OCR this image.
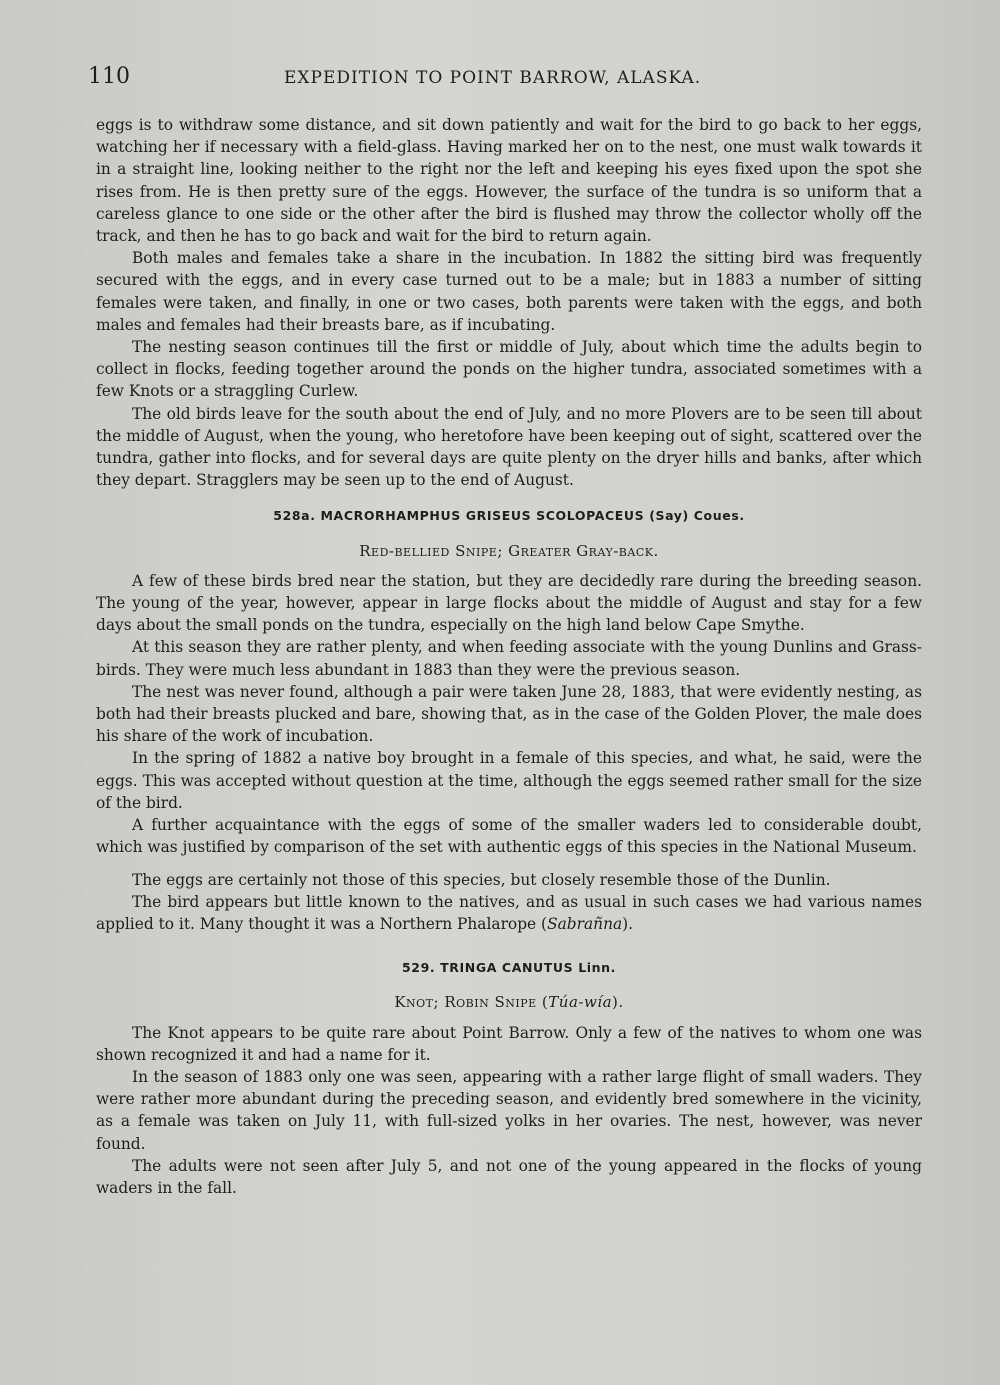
110	EXPEDITION TO POINT BARROW, ALASKA.

eggs is to withdraw some distance, and sit down patiently and wait for the bird to go back to her eggs, watching her if necessary with a field-glass. Having marked her on to the nest, one must walk towards it in a straight line, looking neither to the right nor the left and keeping his eyes fixed upon the spot she rises from. He is then pretty sure of the eggs. However, the surface of the tundra is so uniform that a careless glance to one side or the other after the bird is flushed may throw the collector wholly off the track, and then he has to go back and wait for the bird to return again.

Both males and females take a share in the incubation. In 1882 the sitting bird was frequently secured with the eggs, and in every case turned out to be a male; but in 1883 a number of sitting females were taken, and finally, in one or two cases, both parents were taken with the eggs, and both males and females had their breasts bare, as if incubating.

The nesting season continues till the first or middle of July, about which time the adults begin to collect in flocks, feeding together around the ponds on the higher tundra, associated sometimes with a few Knots or a straggling Curlew.

The old birds leave for the south about the end of July, and no more Plovers are to be seen till about the middle of August, when the young, who heretofore have been keeping out of sight, scattered over the tundra, gather into flocks, and for several days are quite plenty on the dryer hills and banks, after which they depart. Stragglers may be seen up to the end of August.

528a. MACRORHAMPHUS GRISEUS SCOLOPACEUS (Say) Coues.
Red-bellied Snipe; Greater Gray-back.

A few of these birds bred near the station, but they are decidedly rare during the breeding season. The young of the year, however, appear in large flocks about the middle of August and stay for a few days about the small ponds on the tundra, especially on the high land below Cape Smythe.

At this season they are rather plenty, and when feeding associate with the young Dunlins and Grass-birds. They were much less abundant in 1883 than they were the previous season.

The nest was never found, although a pair were taken June 28, 1883, that were evidently nesting, as both had their breasts plucked and bare, showing that, as in the case of the Golden Plover, the male does his share of the work of incubation.

In the spring of 1882 a native boy brought in a female of this species, and what, he said, were the eggs. This was accepted without question at the time, although the eggs seemed rather small for the size of the bird.

A further acquaintance with the eggs of some of the smaller waders led to considerable doubt, which was justified by comparison of the set with authentic eggs of this species in the National Museum.

The eggs are certainly not those of this species, but closely resemble those of the Dunlin.

The bird appears but little known to the natives, and as usual in such cases we had various names applied to it. Many thought it was a Northern Phalarope (Sabrañna).

529. TRINGA CANUTUS Linn.
Knot; Robin Snipe (Túa-wía).

The Knot appears to be quite rare about Point Barrow. Only a few of the natives to whom one was shown recognized it and had a name for it.

In the season of 1883 only one was seen, appearing with a rather large flight of small waders. They were rather more abundant during the preceding season, and evidently bred somewhere in the vicinity, as a female was taken on July 11, with full-sized yolks in her ovaries. The nest, however, was never found.

The adults were not seen after July 5, and not one of the young appeared in the flocks of young waders in the fall.
